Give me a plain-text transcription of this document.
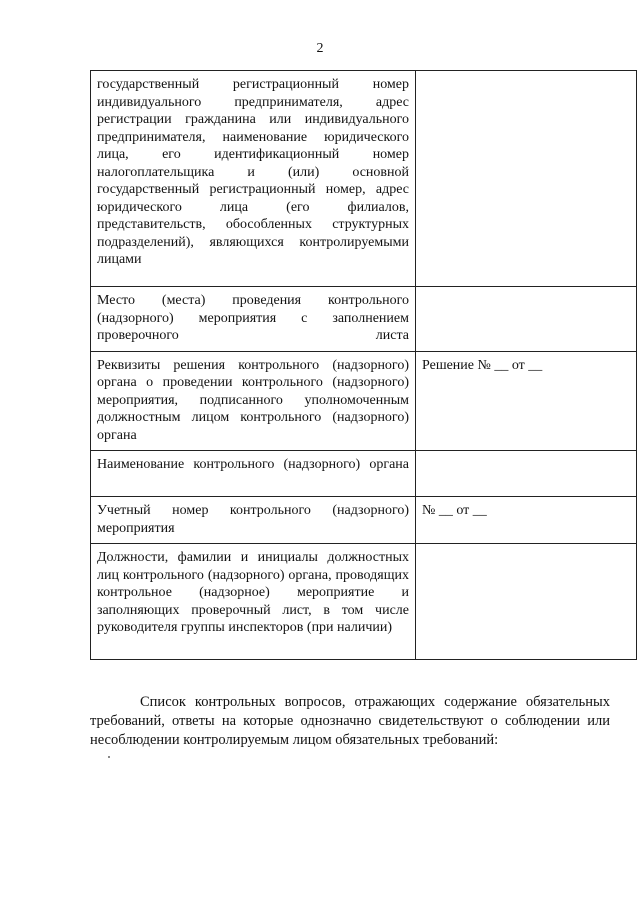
2
государственный регистрационный номер индивидуального предпринимателя, адрес регистрации гражданина или индивидуального предпринимателя, наименование юридического лица, его идентификационный номер налогоплательщика и (или) основной государственный регистрационный номер, адрес юридического лица (его филиалов, представительств, обособленных структурных подразделений), являющихся контролируемыми лицами	
Место (места) проведения контрольного (надзорного) мероприятия с заполнением проверочного листа	
Реквизиты решения контрольного (надзорного) органа о проведении контрольного (надзорного) мероприятия, подписанного уполномоченным должностным лицом контрольного (надзорного) органа	Решение № __ от __
Наименование контрольного (надзорного) органа	
Учетный номер контрольного (надзорного) мероприятия	№ __ от __
Должности, фамилии и инициалы должностных лиц контрольного (надзорного) органа, проводящих контрольное (надзорное) мероприятие и заполняющих проверочный лист, в том числе руководителя группы инспекторов (при наличии)	
Список контрольных вопросов, отражающих содержание обязательных требований, ответы на которые однозначно свидетельствуют о соблюдении или несоблюдении контролируемым лицом обязательных требований:
